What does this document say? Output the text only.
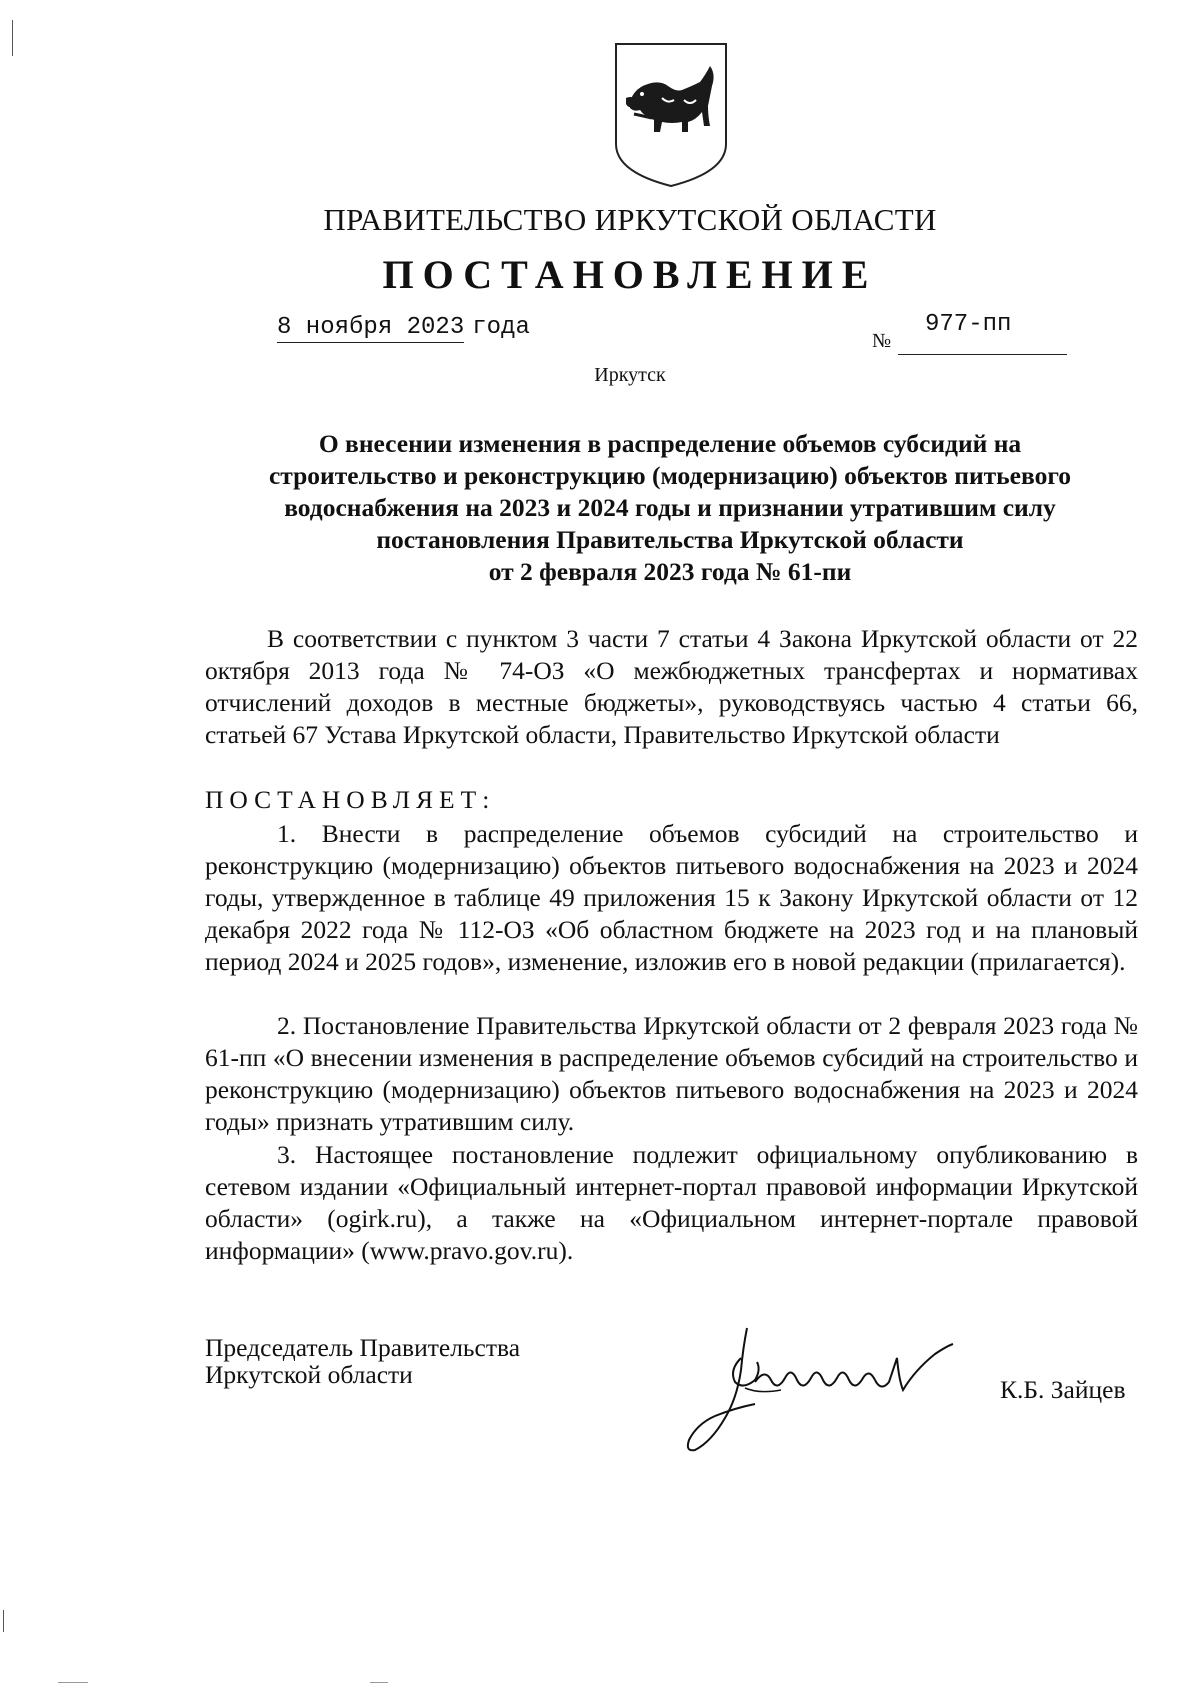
ПРАВИТЕЛЬСТВО ИРКУТСКОЙ ОБЛАСТИ
ПОСТАНОВЛЕНИЕ
8 ноября 2023 года	№
977-пп
Иркутск
О внесении изменения в распределение объемов субсидий на
строительство и реконструкцию (модернизацию) объектов питьевого
водоснабжения на 2023 и 2024 годы и признании утратившим силу
постановления Правительства Иркутской области
от 2 февраля 2023 года № 61-пи
В соответствии с пунктом 3 части 7 статьи 4 Закона Иркутской области от 22 октября 2013 года № 74-ОЗ «О межбюджетных трансфертах и нормативах отчислений доходов в местные бюджеты», руководствуясь частью 4 статьи 66, статьей 67 Устава Иркутской области, Правительство Иркутской области
ПОСТАНОВЛЯЕТ:
1. Внести в распределение объемов субсидий на строительство и реконструкцию (модернизацию) объектов питьевого водоснабжения на 2023 и 2024 годы, утвержденное в таблице 49 приложения 15 к Закону Иркутской области от 12 декабря 2022 года № 112-ОЗ «Об областном бюджете на 2023 год и на плановый период 2024 и 2025 годов», изменение, изложив его в новой редакции (прилагается).
2. Постановление Правительства Иркутской области от 2 февраля 2023 года № 61-пп «О внесении изменения в распределение объемов субсидий на строительство и реконструкцию (модернизацию) объектов питьевого водоснабжения на 2023 и 2024 годы» признать утратившим силу.
3. Настоящее постановление подлежит официальному опубликованию в сетевом издании «Официальный интернет-портал правовой информации Иркутской области» (ogirk.ru), а также на «Официальном интернет-портале правовой информации» (www.pravo.gov.ru).
Председатель Правительства
Иркутской области
К.Б. Зайцев
